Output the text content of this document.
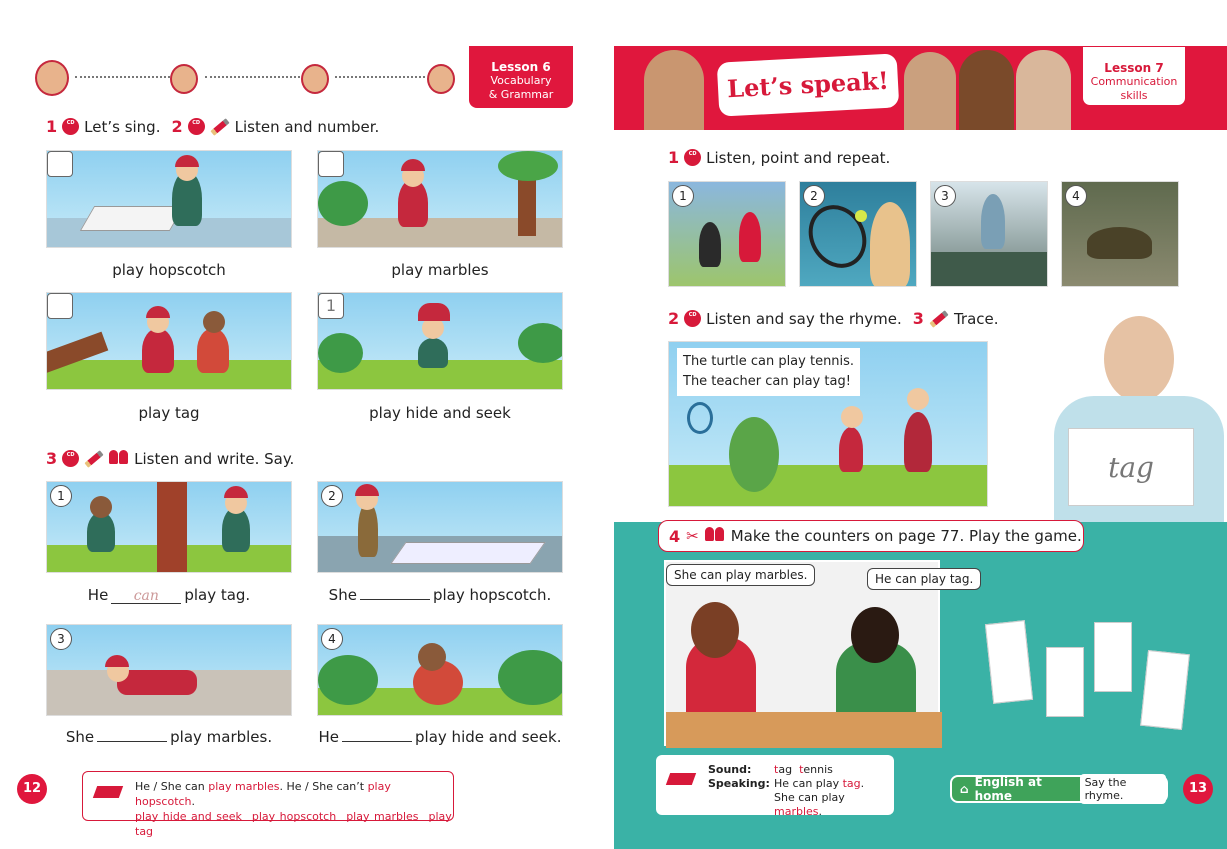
Lesson 6
Vocabulary
& Grammar
1	CD Let’s sing. 2	CD	Listen and number.
play hopscotch	play marbles
play tag
1
play hide and seek
3	CD	Listen and write. Say.
1
He can play tag.
2
She	play hopscotch.
3
She	play marbles.
4
He	play hide and seek.
12	He / She can play marbles. He / She can’t play hopscotch.
play hide and seek play hopscotch play marbles play tag
Let’s speak!	Lesson 7
Communication
skills
1	CD Listen, point and repeat.
1	2	3	4
2	CD Listen and say the rhyme. 3 Trace.
The turtle can play tennis.
The teacher can play tag!
tag
4 ✂ Make the counters on page 77. Play the game.
She can play marbles.	He can play tag.
Sound: tag tennis
Speaking: He can play tag.
She can play marbles.
⌂ English at home
Say the rhyme.	13
